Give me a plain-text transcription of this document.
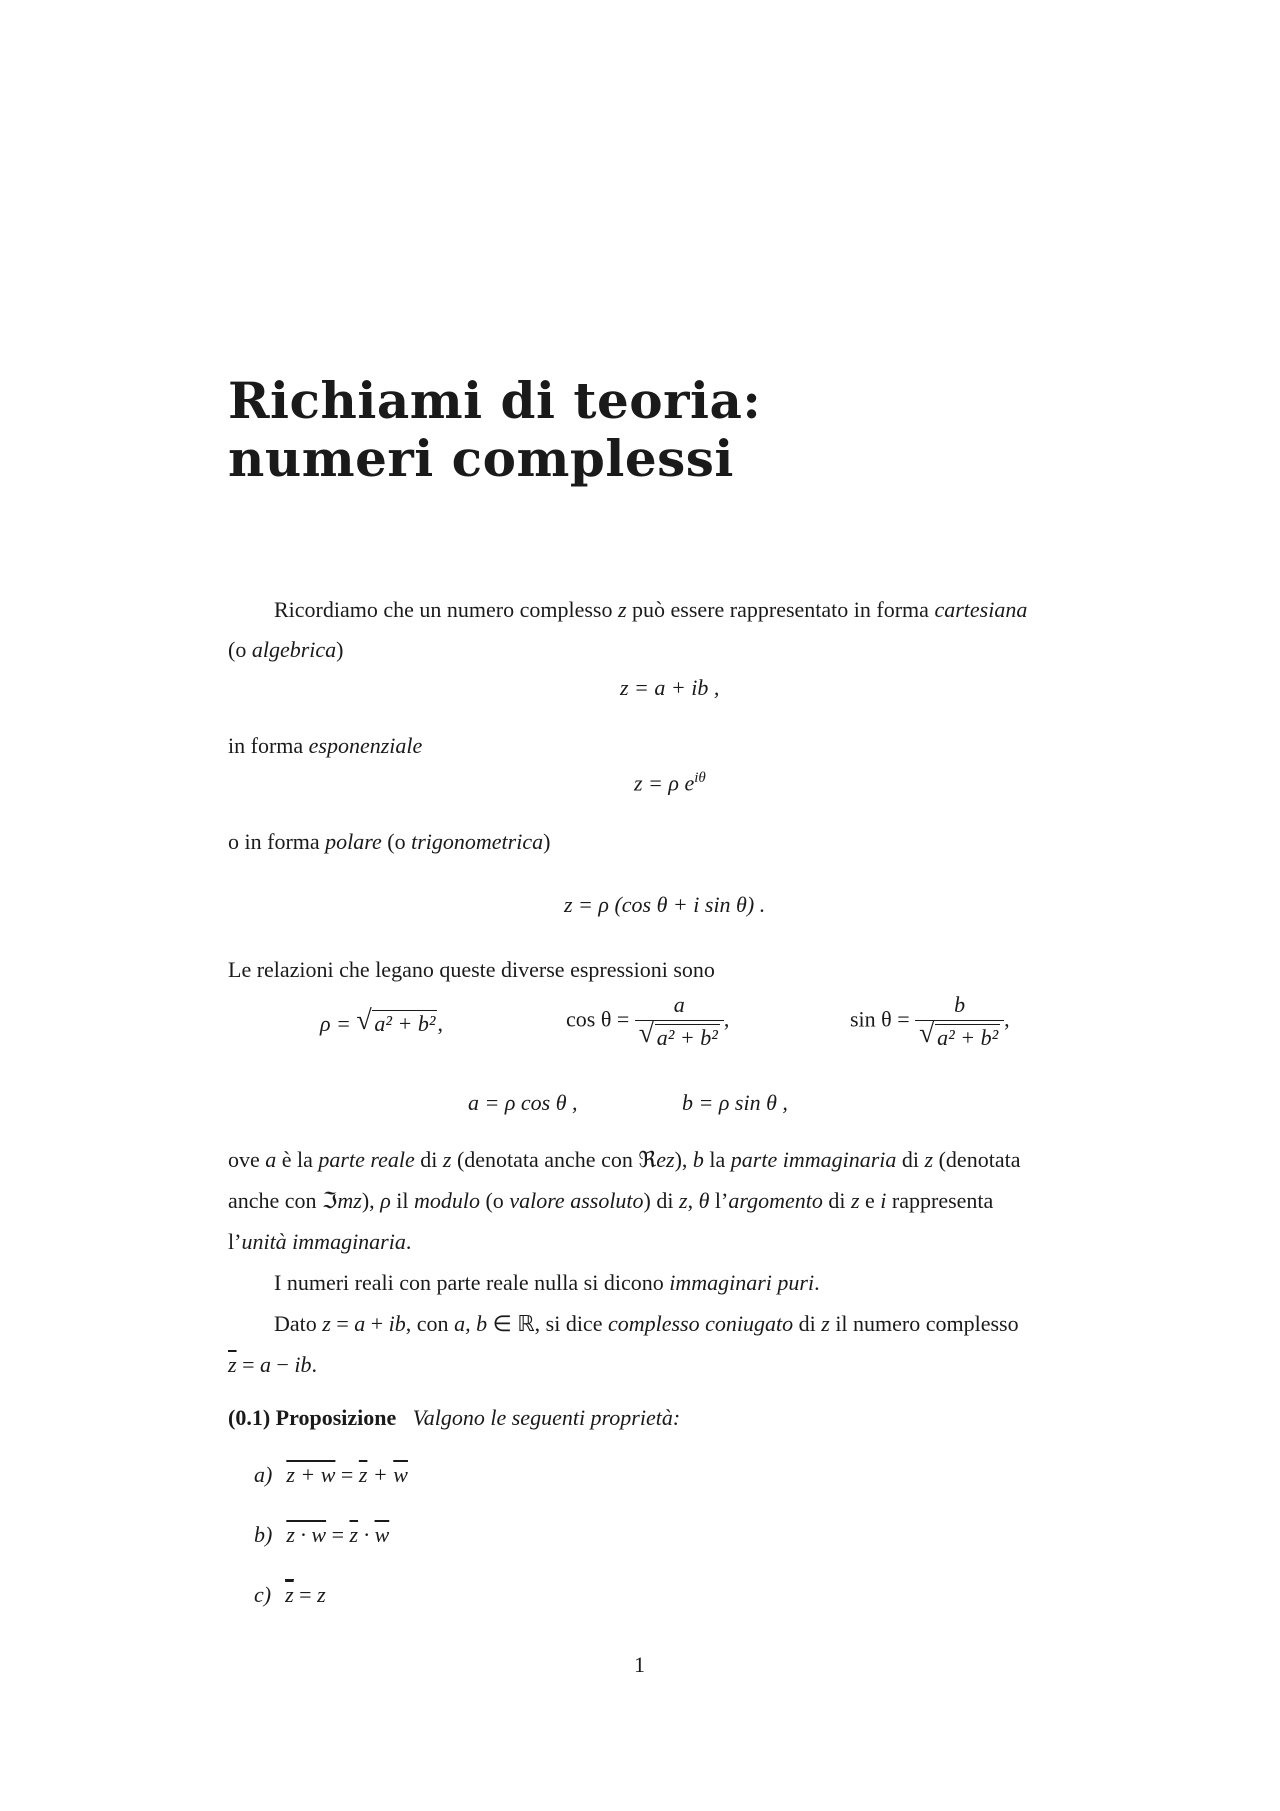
Richiami di teoria:
numeri complessi
Ricordiamo che un numero complesso z può essere rappresentato in forma cartesiana
(o algebrica)
z = a + ib ,
in forma esponenziale
z = ρ $e^{i\theta}$
o in forma polare (o trigonometrica)
z = ρ (cos θ + i sin θ) .
Le relazioni che legano queste diverse espressioni sono
ρ = √ a² + b²,	$\cos \theta = \frac{a}{\text{√ a² + b²}}$ ,	$\sin \theta = \frac{b}{\text{√ a² + b²}}$ ,
a = ρ cos θ ,	b = ρ sin θ ,
ove a è la parte reale di z (denotata anche con ℜez), b la parte immaginaria di z (denotata
anche con ℑmz), ρ il modulo (o valore assoluto) di z, θ l’argomento di z e i rappresenta
l’unità immaginaria.
I numeri reali con parte reale nulla si dicono immaginari puri.
Dato z = a + ib, con a, b ∈ ℝ, si dice complesso coniugato di z il numero complesso
$\overline{z} = a$ − ib.
(0.1) Proposizione Valgono le seguenti proprietà:
a) $z + w = \overline{z} + \overline{w}$
b) $z \cdot w = \overline{z} \cdot \overline{w}$
c) $\overline{z} = z$
1
